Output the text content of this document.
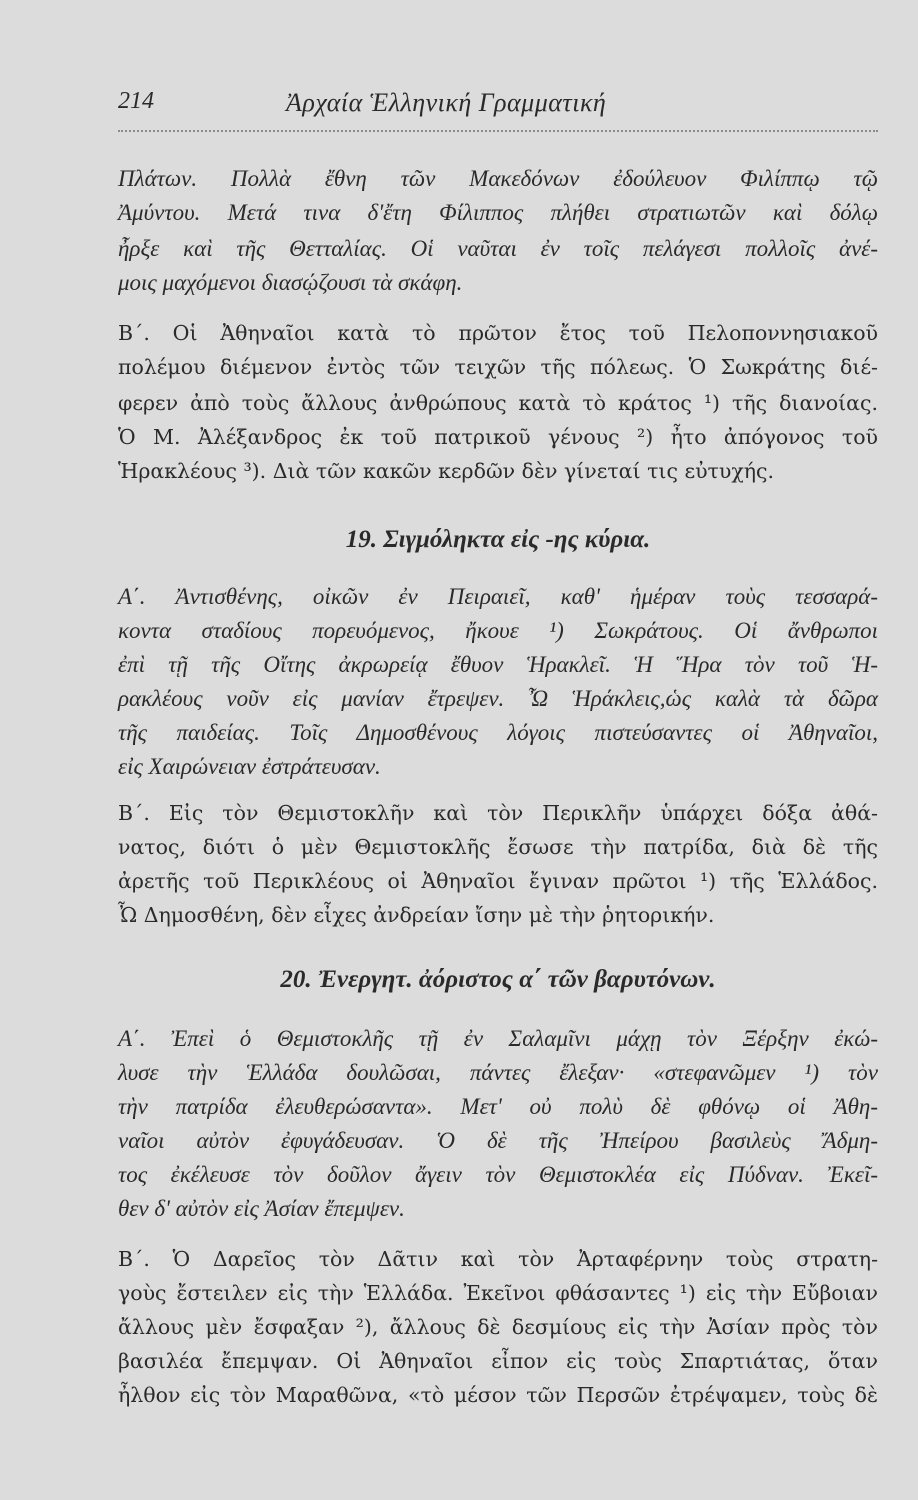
214	Ἀρχαία Ἑλληνική Γραμματική
Πλάτων. Πολλὰ ἔθνη τῶν Μακεδόνων ἐδούλευον Φιλίππῳ τῷ
Ἀμύντου. Μετά τινα δ'ἔτη Φίλιππος πλήθει στρατιωτῶν καὶ δόλῳ
ἦρξε καὶ τῆς Θετταλίας. Οἱ ναῦται ἐν τοῖς πελάγεσι πολλοῖς ἀνέ-
μοις μαχόμενοι διασῴζουσι τὰ σκάφη.
Β΄. Οἱ Ἀθηναῖοι κατὰ τὸ πρῶτον ἔτος τοῦ Πελοποννησιακοῦ
πολέμου διέμενον ἐντὸς τῶν τειχῶν τῆς πόλεως. Ὁ Σωκράτης διέ-
φερεν ἀπὸ τοὺς ἄλλους ἀνθρώπους κατὰ τὸ κράτος ¹) τῆς διανοίας.
Ὁ Μ. Ἀλέξανδρος ἐκ τοῦ πατρικοῦ γένους ²) ἦτο ἀπόγονος τοῦ
Ἡρακλέους ³). Διὰ τῶν κακῶν κερδῶν δὲν γίνεταί τις εὐτυχής.
19. Σιγμόληκτα εἰς -ης κύρια.
Α΄. Ἀντισθένης, οἰκῶν ἐν Πειραιεῖ, καθ' ἡμέραν τοὺς τεσσαρά-
κοντα σταδίους πορευόμενος, ἤκουε ¹) Σωκράτους. Οἱ ἄνθρωποι
ἐπὶ τῇ τῆς Οἴτης ἀκρωρείᾳ ἔθυον Ἡρακλεῖ. Ἡ Ἥρα τὸν τοῦ Ἡ-
ρακλέους νοῦν εἰς μανίαν ἔτρεψεν. Ὦ Ἡράκλεις,ὡς καλὰ τὰ δῶρα
τῆς παιδείας. Τοῖς Δημοσθένους λόγοις πιστεύσαντες οἱ Ἀθηναῖοι,
εἰς Χαιρώνειαν ἐστράτευσαν.
Β΄. Εἰς τὸν Θεμιστοκλῆν καὶ τὸν Περικλῆν ὑπάρχει δόξα ἀθά-
νατος, διότι ὁ μὲν Θεμιστοκλῆς ἔσωσε τὴν πατρίδα, διὰ δὲ τῆς
ἀρετῆς τοῦ Περικλέους οἱ Ἀθηναῖοι ἔγιναν πρῶτοι ¹) τῆς Ἑλλάδος.
Ὦ Δημοσθένη, δὲν εἶχες ἀνδρείαν ἴσην μὲ τὴν ῥητορικήν.
20. Ἐνεργητ. ἀόριστος α΄ τῶν βαρυτόνων.
Α΄. Ἐπεὶ ὁ Θεμιστοκλῆς τῇ ἐν Σαλαμῖνι μάχῃ τὸν Ξέρξην ἐκώ-
λυσε τὴν Ἑλλάδα δουλῶσαι, πάντες ἔλεξαν· «στεφανῶμεν ¹) τὸν
τὴν πατρίδα ἐλευθερώσαντα». Μετ' οὐ πολὺ δὲ φθόνῳ οἱ Ἀθη-
ναῖοι αὐτὸν ἐφυγάδευσαν. Ὁ δὲ τῆς Ἠπείρου βασιλεὺς Ἄδμη-
τος ἐκέλευσε τὸν δοῦλον ἄγειν τὸν Θεμιστοκλέα εἰς Πύδναν. Ἐκεῖ-
θεν δ' αὐτὸν εἰς Ἀσίαν ἔπεμψεν.
Β΄. Ὁ Δαρεῖος τὸν Δᾶτιν καὶ τὸν Ἀρταφέρνην τοὺς στρατη-
γοὺς ἔστειλεν εἰς τὴν Ἑλλάδα. Ἐκεῖνοι φθάσαντες ¹) εἰς τὴν Εὔβοιαν
ἄλλους μὲν ἔσφαξαν ²), ἄλλους δὲ δεσμίους εἰς τὴν Ἀσίαν πρὸς τὸν
βασιλέα ἔπεμψαν. Οἱ Ἀθηναῖοι εἶπον εἰς τοὺς Σπαρτιάτας, ὅταν
ἦλθον εἰς τὸν Μαραθῶνα, «τὸ μέσον τῶν Περσῶν ἐτρέψαμεν, τοὺς δὲ
